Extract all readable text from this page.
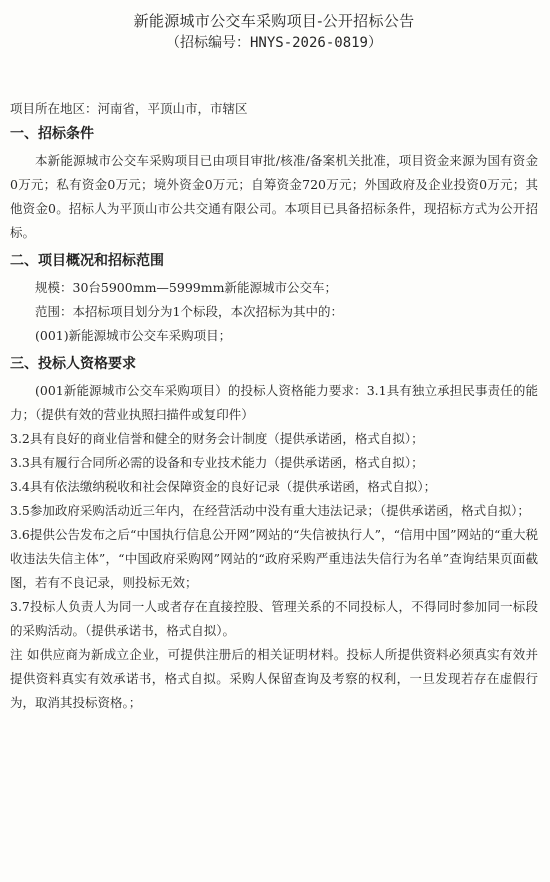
新能源城市公交车采购项目-公开招标公告
（招标编号：HNYS-2026-0819）
项目所在地区：河南省，平顶山市，市辖区
一、招标条件

本新能源城市公交车采购项目已由项目审批/核准/备案机关批准，项目资金来源为国有资金0万元；私有资金0万元；境外资金0万元；自筹资金720万元；外国政府及企业投资0万元；其他资金0。招标人为平顶山市公共交通有限公司。本项目已具备招标条件，现招标方式为公开招标。

二、项目概况和招标范围

规模：30台5900mm—5999mm新能源城市公交车；

范围：本招标项目划分为1个标段，本次招标为其中的：

(001)新能源城市公交车采购项目；

三、投标人资格要求

(001新能源城市公交车采购项目）的投标人资格能力要求：3.1具有独立承担民事责任的能力；（提供有效的营业执照扫描件或复印件）

3.2具有良好的商业信誉和健全的财务会计制度（提供承诺函，格式自拟）；

3.3具有履行合同所必需的设备和专业技术能力（提供承诺函，格式自拟）；

3.4具有依法缴纳税收和社会保障资金的良好记录（提供承诺函，格式自拟）；

3.5参加政府采购活动近三年内，在经营活动中没有重大违法记录；（提供承诺函，格式自拟）；

3.6提供公告发布之后“中国执行信息公开网”网站的“失信被执行人”，“信用中国”网站的“重大税收违法失信主体”，“中国政府采购网”网站的“政府采购严重违法失信行为名单”查询结果页面截图，若有不良记录，则投标无效；

3.7投标人负责人为同一人或者存在直接控股、管理关系的不同投标人，不得同时参加同一标段的采购活动。（提供承诺书，格式自拟）。

注 如供应商为新成立企业，可提供注册后的相关证明材料。投标人所提供资料必须真实有效并提供资料真实有效承诺书，格式自拟。采购人保留查询及考察的权利，一旦发现若存在虚假行为，取消其投标资格。；
